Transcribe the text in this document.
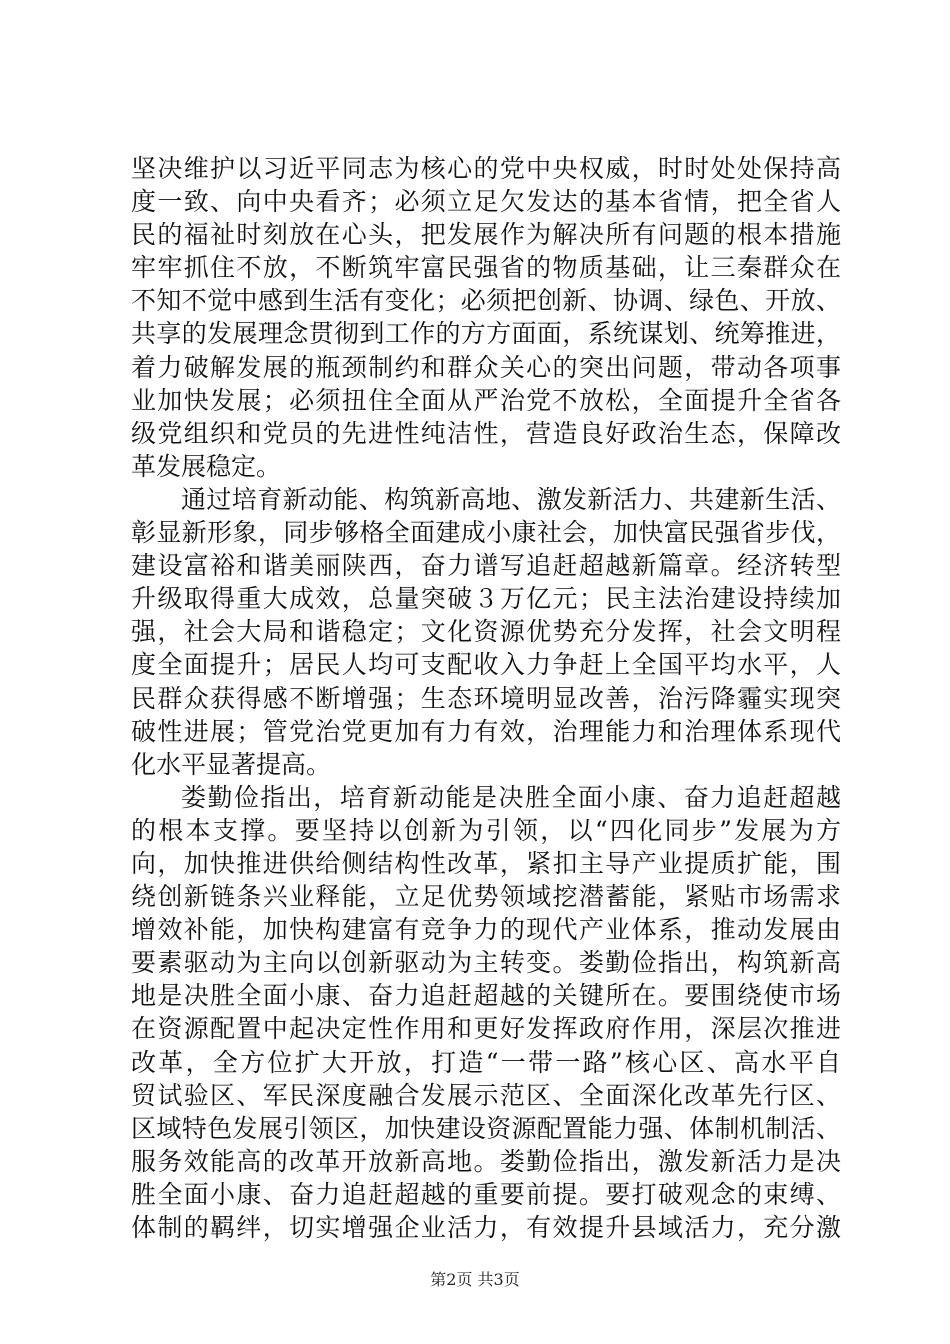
坚决维护以习近平同志为核心的党中央权威，时时处处保持高
度一致、向中央看齐；必须立足欠发达的基本省情，把全省人
民的福祉时刻放在心头，把发展作为解决所有问题的根本措施
牢牢抓住不放，不断筑牢富民强省的物质基础，让三秦群众在
不知不觉中感到生活有变化；必须把创新、协调、绿色、开放、
共享的发展理念贯彻到工作的方方面面，系统谋划、统筹推进，
着力破解发展的瓶颈制约和群众关心的突出问题，带动各项事
业加快发展；必须扭住全面从严治党不放松，全面提升全省各
级党组织和党员的先进性纯洁性，营造良好政治生态，保障改
革发展稳定。
通过培育新动能、构筑新高地、激发新活力、共建新生活、
彰显新形象，同步够格全面建成小康社会，加快富民强省步伐，
建设富裕和谐美丽陕西，奋力谱写追赶超越新篇章。经济转型
升级取得重大成效，总量突破３万亿元；民主法治建设持续加
强，社会大局和谐稳定；文化资源优势充分发挥，社会文明程
度全面提升；居民人均可支配收入力争赶上全国平均水平，人
民群众获得感不断增强；生态环境明显改善，治污降霾实现突
破性进展；管党治党更加有力有效，治理能力和治理体系现代
化水平显著提高。
娄勤俭指出，培育新动能是决胜全面小康、奋力追赶超越
的根本支撑。要坚持以创新为引领，以“四化同步”发展为方
向，加快推进供给侧结构性改革，紧扣主导产业提质扩能，围
绕创新链条兴业释能，立足优势领域挖潜蓄能，紧贴市场需求
增效补能，加快构建富有竞争力的现代产业体系，推动发展由
要素驱动为主向以创新驱动为主转变。娄勤俭指出，构筑新高
地是决胜全面小康、奋力追赶超越的关键所在。要围绕使市场
在资源配置中起决定性作用和更好发挥政府作用，深层次推进
改革，全方位扩大开放，打造“一带一路”核心区、高水平自
贸试验区、军民深度融合发展示范区、全面深化改革先行区、
区域特色发展引领区，加快建设资源配置能力强、体制机制活、
服务效能高的改革开放新高地。娄勤俭指出，激发新活力是决
胜全面小康、奋力追赶超越的重要前提。要打破观念的束缚、
体制的羁绊，切实增强企业活力，有效提升县域活力，充分激
第2页 共3页
